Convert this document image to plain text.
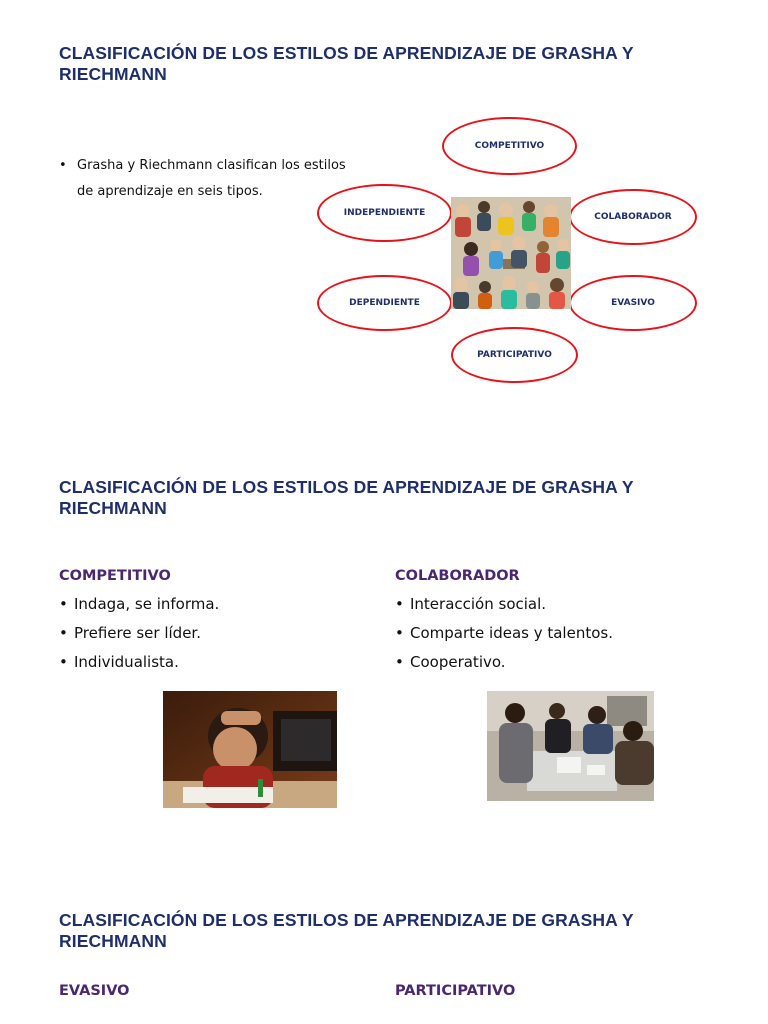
CLASIFICACIÓN DE LOS ESTILOS DE APRENDIZAJE DE GRASHA Y
RIECHMANN
• Grasha y Riechmann clasifican los estilos
de aprendizaje en seis tipos.
COMPETITIVO
INDEPENDIENTE	COLABORADOR
DEPENDIENTE	EVASIVO
PARTICIPATIVO
CLASIFICACIÓN DE LOS ESTILOS DE APRENDIZAJE DE GRASHA Y
RIECHMANN
COMPETITIVO
• Indaga, se informa.
• Prefiere ser líder.
• Individualista.
COLABORADOR
• Interacción social.
• Comparte ideas y talentos.
• Cooperativo.
CLASIFICACIÓN DE LOS ESTILOS DE APRENDIZAJE DE GRASHA Y
RIECHMANN
EVASIVO	PARTICIPATIVO
